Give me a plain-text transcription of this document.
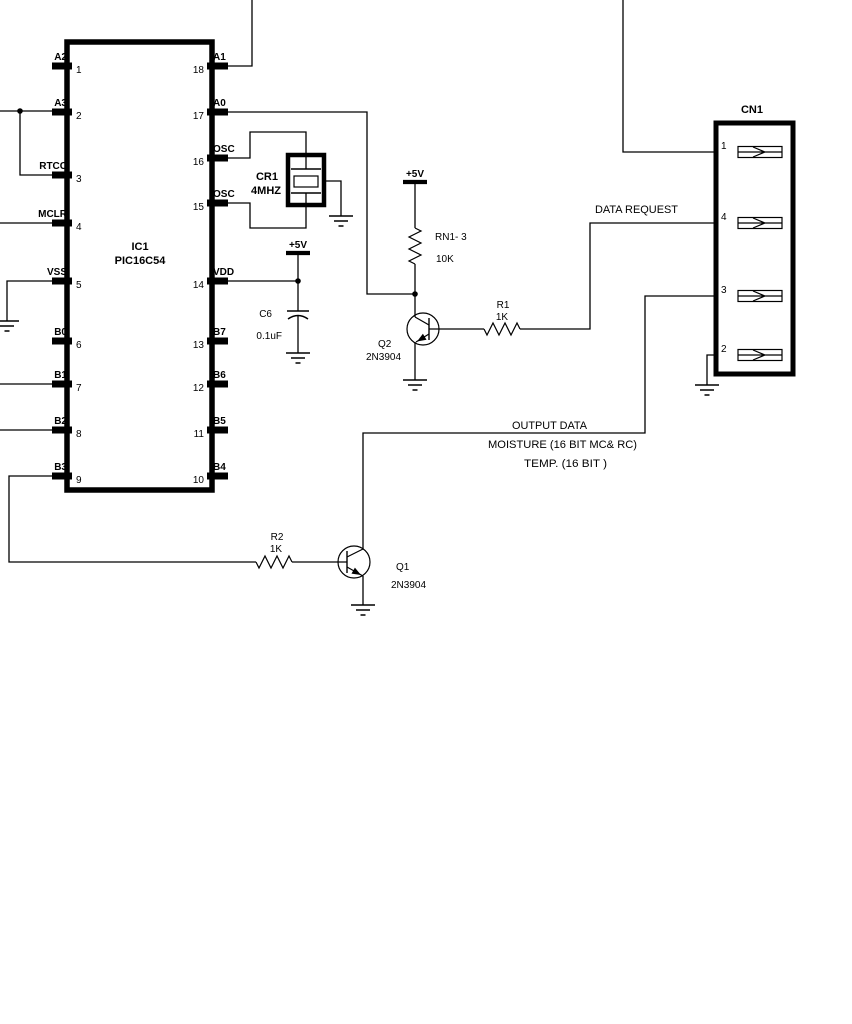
+5V
+5V
IC1
PIC16C54
A2
1
A3
2
RTCC
3
MCLR
4
VSS
5
B0
6
B1
7
B2
8
B3
9
A1
18
A0
17
OSC
16
OSC
15
VDD
14
B7
13
B6
12
B5
11
B4
10
CR1
4MHZ
C6
0.1uF
RN1- 3
10K
R1
1K
R2
1K
Q2
2N3904
Q1
2N3904
CN1
1
4
3
2
DATA REQUEST
OUTPUT DATA
MOISTURE (16 BIT MC& RC)
TEMP. (16 BIT )
